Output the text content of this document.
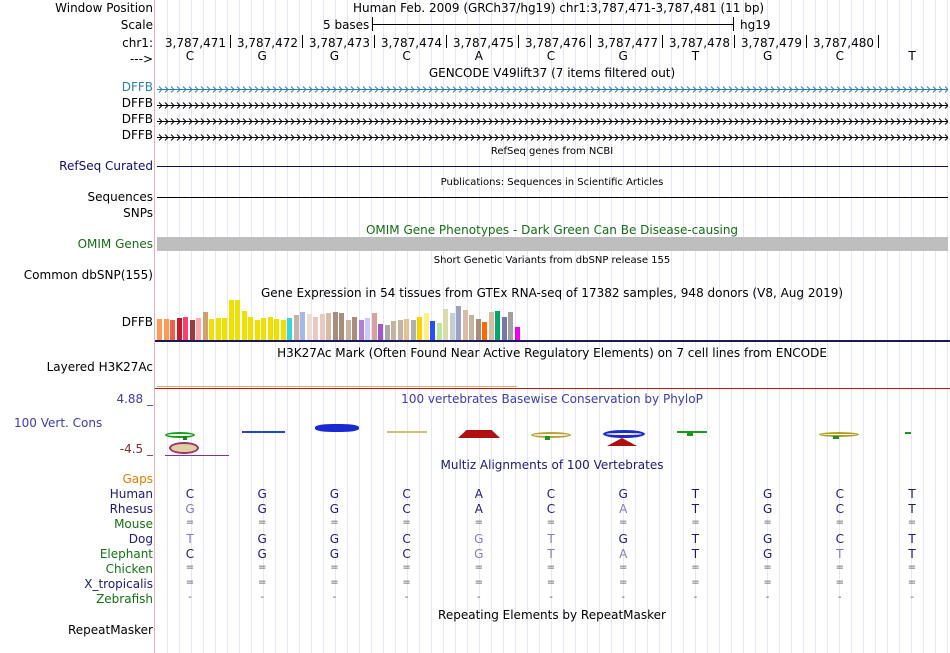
Window Position	Human Feb. 2009 (GRCh37/hg19) chr1:3,787,471-3,787,481 (11 bp)
Scale	5 bases	hg19
chr1: 3,787,471 3,787,472 3,787,473 3,787,474 3,787,475 3,787,476 3,787,477 3,787,478 3,787,479 3,787,480
--->	C	G	G	C	A	C	G	T	G	C	T
GENCODE V49lift37 (7 items filtered out)
DFFB
DFFB
DFFB
DFFB
RefSeq genes from NCBI
RefSeq Curated
Publications: Sequences in Scientific Articles
Sequences
SNPs
OMIM Gene Phenotypes - Dark Green Can Be Disease-causing
OMIM Genes
Short Genetic Variants from dbSNP release 155
Common dbSNP(155)
Gene Expression in 54 tissues from GTEx RNA-seq of 17382 samples, 948 donors (V8, Aug 2019)
DFFB
H3K27Ac Mark (Often Found Near Active Regulatory Elements) on 7 cell lines from ENCODE
Layered H3K27Ac
4.88 _	100 vertebrates Basewise Conservation by PhyloP
100 Vert. Cons
-4.5 _
Multiz Alignments of 100 Vertebrates
Gaps
Human	C	G	G	C	A	C	G	T	G	C	T
Rhesus	G	G	G	C	A	C	A	T	G	C	T
Mouse	=	=	=	=	=	=	=	=	=	=	=
Dog	T	G	G	C	G	T	G	T	G	C	T
Elephant	C	G	G	C	G	T	A	T	G	T	T
Chicken	=	=	=	=	=	=	=	=	=	=	=
X_tropicalis	=	=	=	=	=	=	=	=	=	=	=
Zebrafish	-	-	-	-	-	-	-	-	-	-	-
Repeating Elements by RepeatMasker
RepeatMasker
